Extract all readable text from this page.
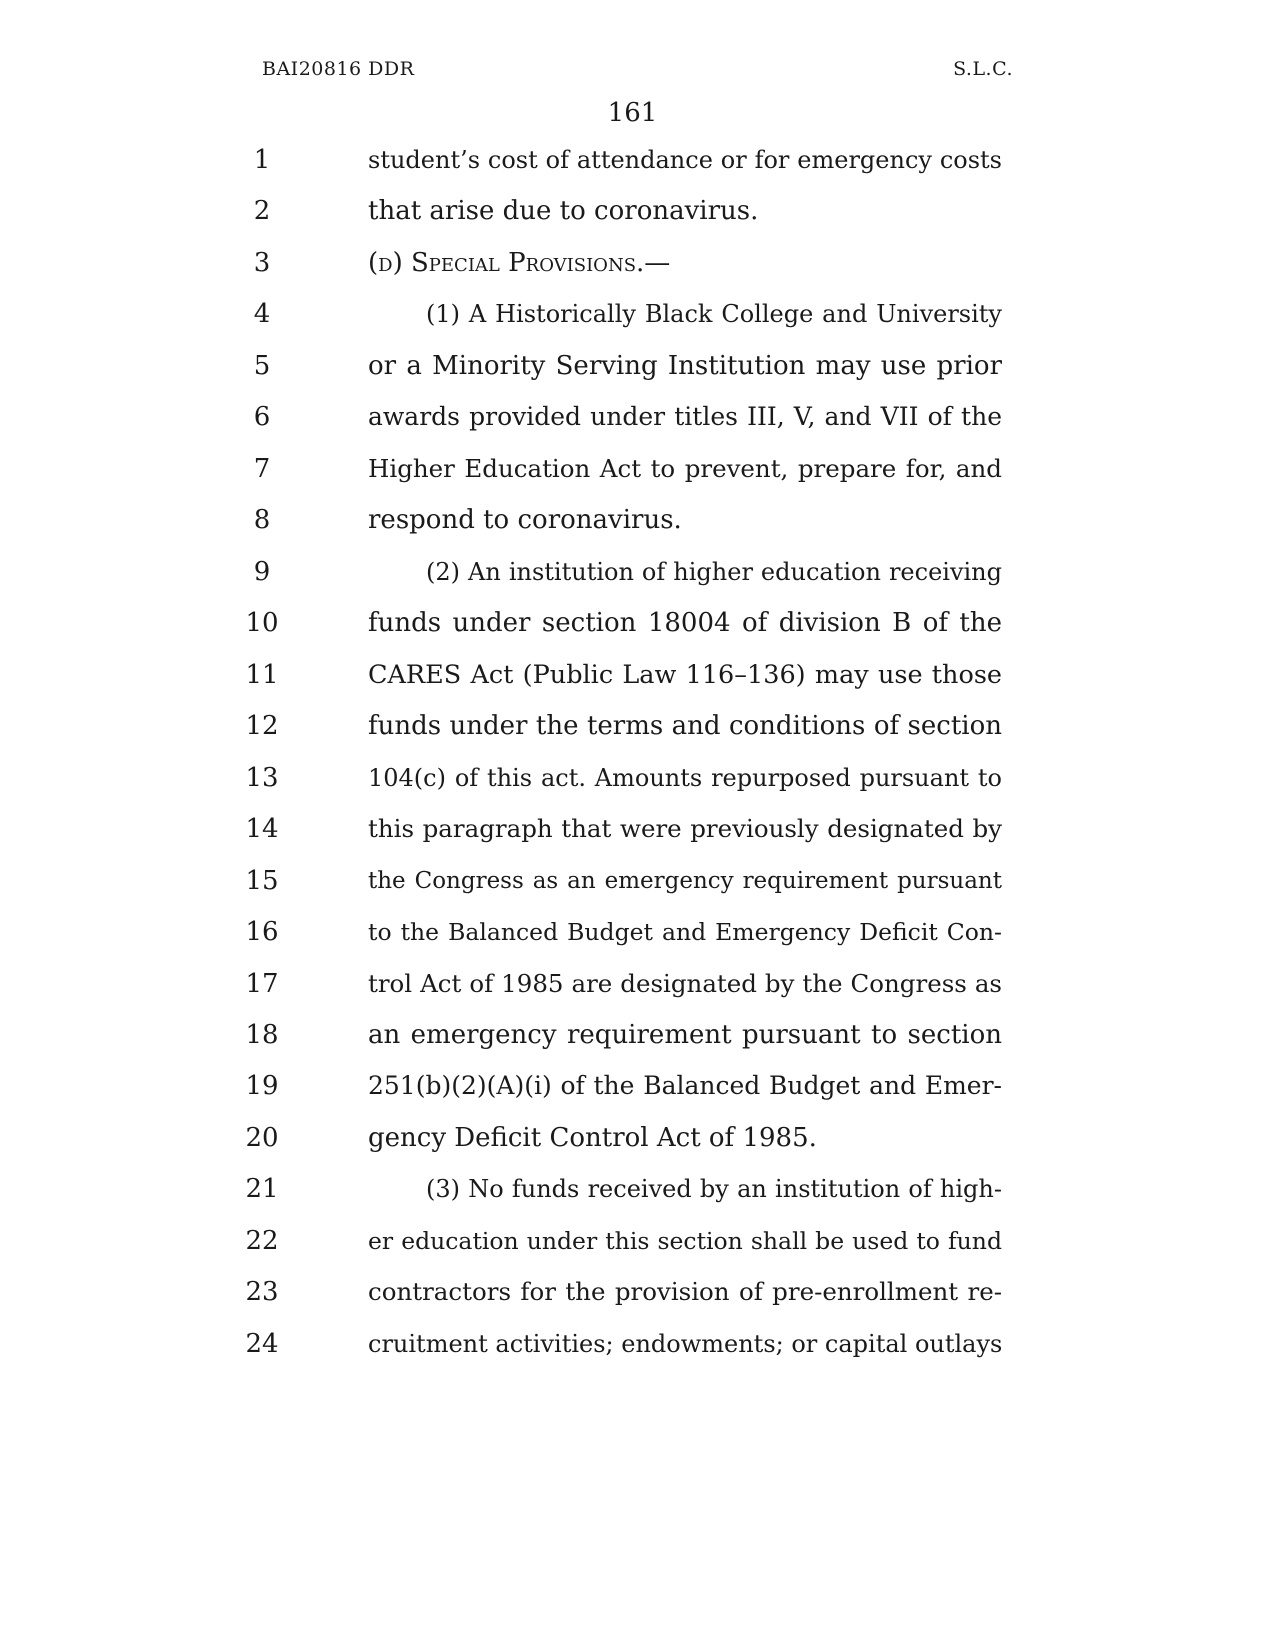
BAI20816 DDR	S.L.C.
161
1	student’s cost of attendance or for emergency costs
2	that arise due to coronavirus.
3	(d) Special Provisions.—
4	(1) A Historically Black College and University
5	or a Minority Serving Institution may use prior
6	awards provided under titles III, V, and VII of the
7	Higher Education Act to prevent, prepare for, and
8	respond to coronavirus.
9	(2) An institution of higher education receiving
10	funds under section 18004 of division B of the
11	CARES Act (Public Law 116–136) may use those
12	funds under the terms and conditions of section
13	104(c) of this act. Amounts repurposed pursuant to
14	this paragraph that were previously designated by
15	the Congress as an emergency requirement pursuant
16	to the Balanced Budget and Emergency Deficit Con-
17	trol Act of 1985 are designated by the Congress as
18	an emergency requirement pursuant to section
19	251(b)(2)(A)(i) of the Balanced Budget and Emer-
20	gency Deficit Control Act of 1985.
21	(3) No funds received by an institution of high-
22	er education under this section shall be used to fund
23	contractors for the provision of pre-enrollment re-
24	cruitment activities; endowments; or capital outlays
